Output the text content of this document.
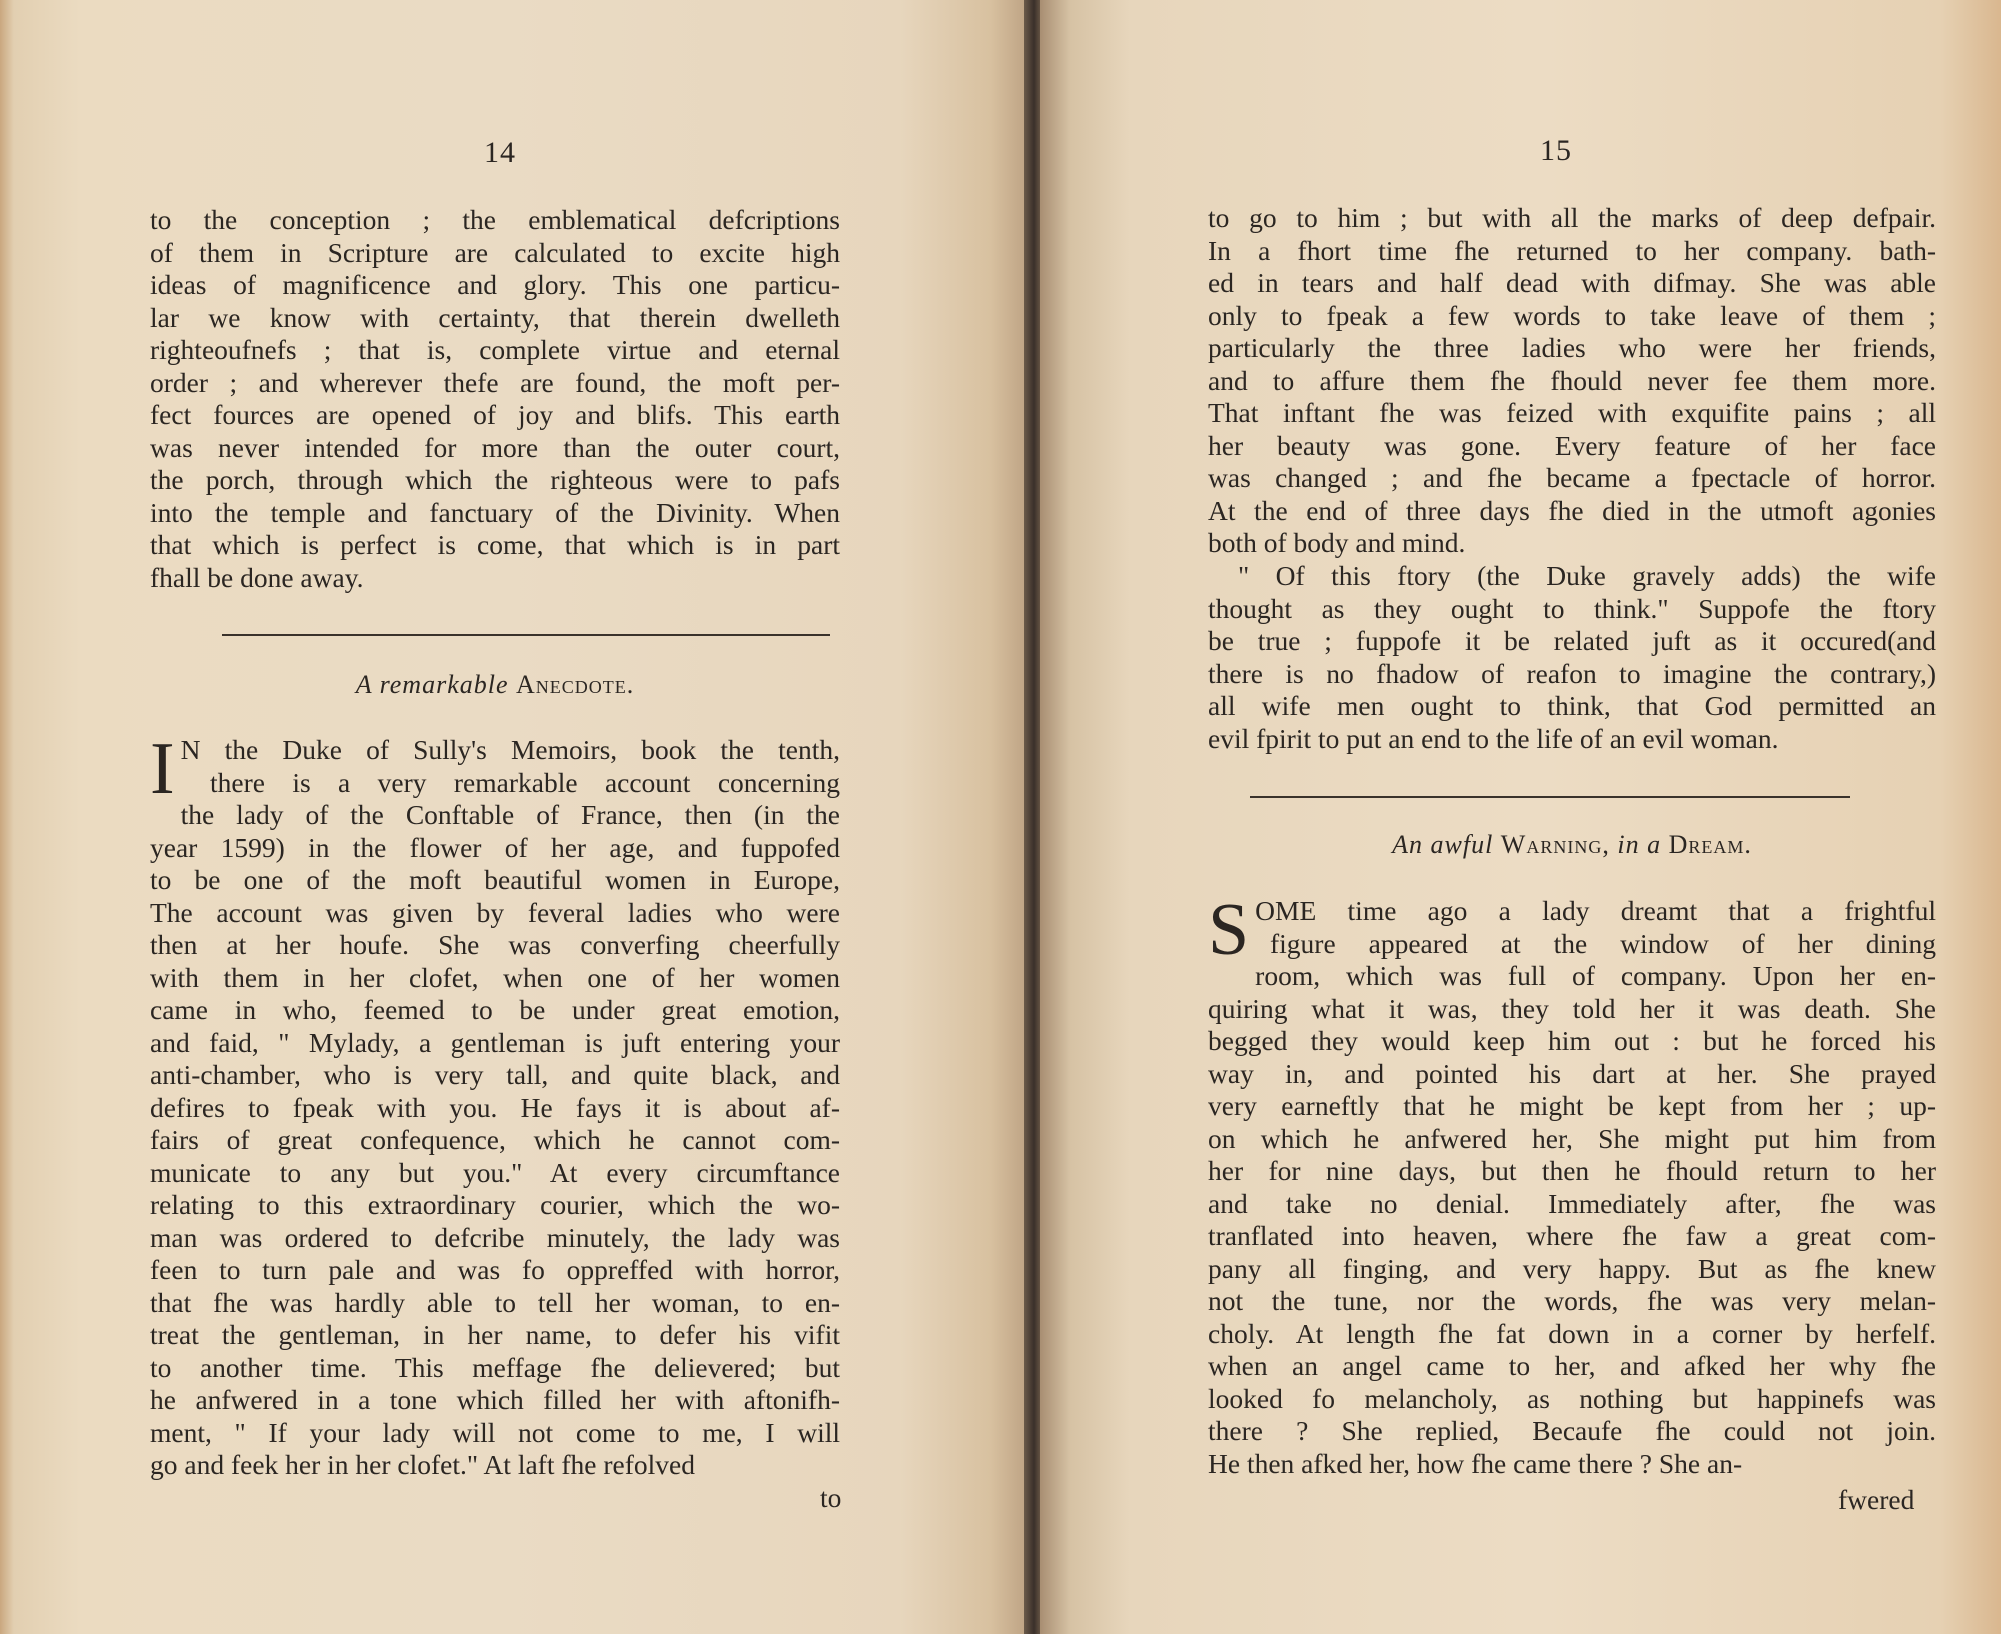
14
to the conception ; the emblematical defcriptions
of them in Scripture are calculated to excite high
ideas of magnificence and glory. This one particu-
lar we know with certainty, that therein dwelleth
righteoufnefs ; that is, complete virtue and eternal
order ; and wherever thefe are found, the moft per-
fect fources are opened of joy and blifs. This earth
was never intended for more than the outer court,
the porch, through which the righteous were to pafs
into the temple and fanctuary of the Divinity. When
that which is perfect is come, that which is in part
fhall be done away.
A remarkable Anecdote.
I N the Duke of Sully's Memoirs, book the tenth,
there is a very remarkable account concerning
the lady of the Conftable of France, then (in the
year 1599) in the flower of her age, and fuppofed
to be one of the moft beautiful women in Europe,
The account was given by feveral ladies who were
then at her houfe. She was converfing cheerfully
with them in her clofet, when one of her women
came in who, feemed to be under great emotion,
and faid, " Mylady, a gentleman is juft entering your
anti-chamber, who is very tall, and quite black, and
defires to fpeak with you. He fays it is about af-
fairs of great confequence, which he cannot com-
municate to any but you." At every circumftance
relating to this extraordinary courier, which the wo-
man was ordered to defcribe minutely, the lady was
feen to turn pale and was fo oppreffed with horror,
that fhe was hardly able to tell her woman, to en-
treat the gentleman, in her name, to defer his vifit
to another time. This meffage fhe delievered; but
he anfwered in a tone which filled her with aftonifh-
ment, " If your lady will not come to me, I will
go and feek her in her clofet." At laft fhe refolved
to
15
to go to him ; but with all the marks of deep defpair.
In a fhort time fhe returned to her company. bath-
ed in tears and half dead with difmay. She was able
only to fpeak a few words to take leave of them ;
particularly the three ladies who were her friends,
and to affure them fhe fhould never fee them more.
That inftant fhe was feized with exquifite pains ; all
her beauty was gone. Every feature of her face
was changed ; and fhe became a fpectacle of horror.
At the end of three days fhe died in the utmoft agonies
both of body and mind.
" Of this ftory (the Duke gravely adds) the wife
thought as they ought to think." Suppofe the ftory
be true ; fuppofe it be related juft as it occured(and
there is no fhadow of reafon to imagine the contrary,)
all wife men ought to think, that God permitted an
evil fpirit to put an end to the life of an evil woman.
An awful Warning, in a Dream.
S OME time ago a lady dreamt that a frightful
figure appeared at the window of her dining
room, which was full of company. Upon her en-
quiring what it was, they told her it was death. She
begged they would keep him out : but he forced his
way in, and pointed his dart at her. She prayed
very earneftly that he might be kept from her ; up-
on which he anfwered her, She might put him from
her for nine days, but then he fhould return to her
and take no denial. Immediately after, fhe was
tranflated into heaven, where fhe faw a great com-
pany all finging, and very happy. But as fhe knew
not the tune, nor the words, fhe was very melan-
choly. At length fhe fat down in a corner by herfelf.
when an angel came to her, and afked her why fhe
looked fo melancholy, as nothing but happinefs was
there ? She replied, Becaufe fhe could not join.
He then afked her, how fhe came there ? She an-
fwered
